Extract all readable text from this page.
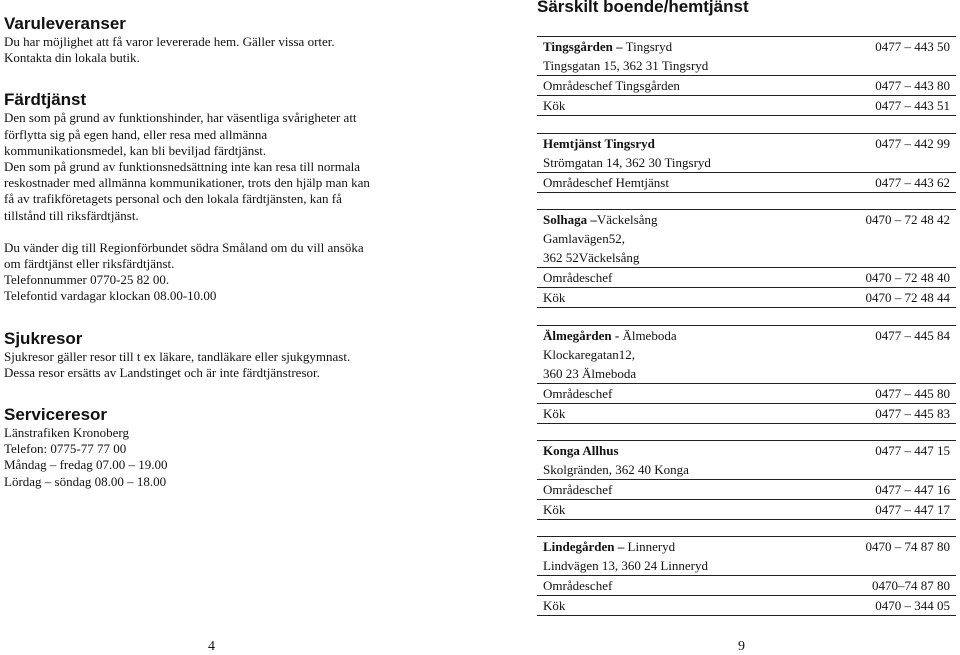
Varuleveranser

Du har möjlighet att få varor levererade hem. Gäller vissa orter.
Kontakta din lokala butik.

Färdtjänst

Den som på grund av funktionshinder, har väsentliga svårigheter att
förflytta sig på egen hand, eller resa med allmänna
kommunikationsmedel, kan bli beviljad färdtjänst.

Den som på grund av funktionsnedsättning inte kan resa till normala
reskostnader med allmänna kommunikationer, trots den hjälp man kan
få av trafikföretagets personal och den lokala färdtjänsten, kan få
tillstånd till riksfärdtjänst.

Du vänder dig till Regionförbundet södra Småland om du vill ansöka
om färdtjänst eller riksfärdtjänst.
Telefonnummer 0770-25 82 00.
Telefontid vardagar klockan 08.00-10.00

Sjukresor

Sjukresor gäller resor till t ex läkare, tandläkare eller sjukgymnast.
Dessa resor ersätts av Landstinget och är inte färdtjänstresor.

Serviceresor

Länstrafiken Kronoberg
Telefon: 0775-77 77 00
Måndag – fredag 07.00 – 19.00
Lördag – söndag 08.00 – 18.00

Särskilt boende/hemtjänst
Tingsgården – Tingsryd	0477 – 443 50
Tingsgatan 15, 362 31 Tingsryd
Områdeschef Tingsgården	0477 – 443 80
Kök	0477 – 443 51
Hemtjänst Tingsryd	0477 – 442 99
Strömgatan 14, 362 30 Tingsryd
Områdeschef Hemtjänst	0477 – 443 62
Solhaga –Väckelsång	0470 – 72 48 42
Gamlavägen52,
362 52Väckelsång
Områdeschef	0470 – 72 48 40
Kök	0470 – 72 48 44
Älmegården - Älmeboda	0477 – 445 84
Klockaregatan12,
360 23 Älmeboda
Områdeschef	0477 – 445 80
Kök	0477 – 445 83
Konga Allhus	0477 – 447 15
Skolgränden, 362 40 Konga
Områdeschef	0477 – 447 16
Kök	0477 – 447 17
Lindegården – Linneryd	0470 – 74 87 80
Lindvägen 13, 360 24 Linneryd
Områdeschef	0470–74 87 80
Kök	0470 – 344 05
4	9
